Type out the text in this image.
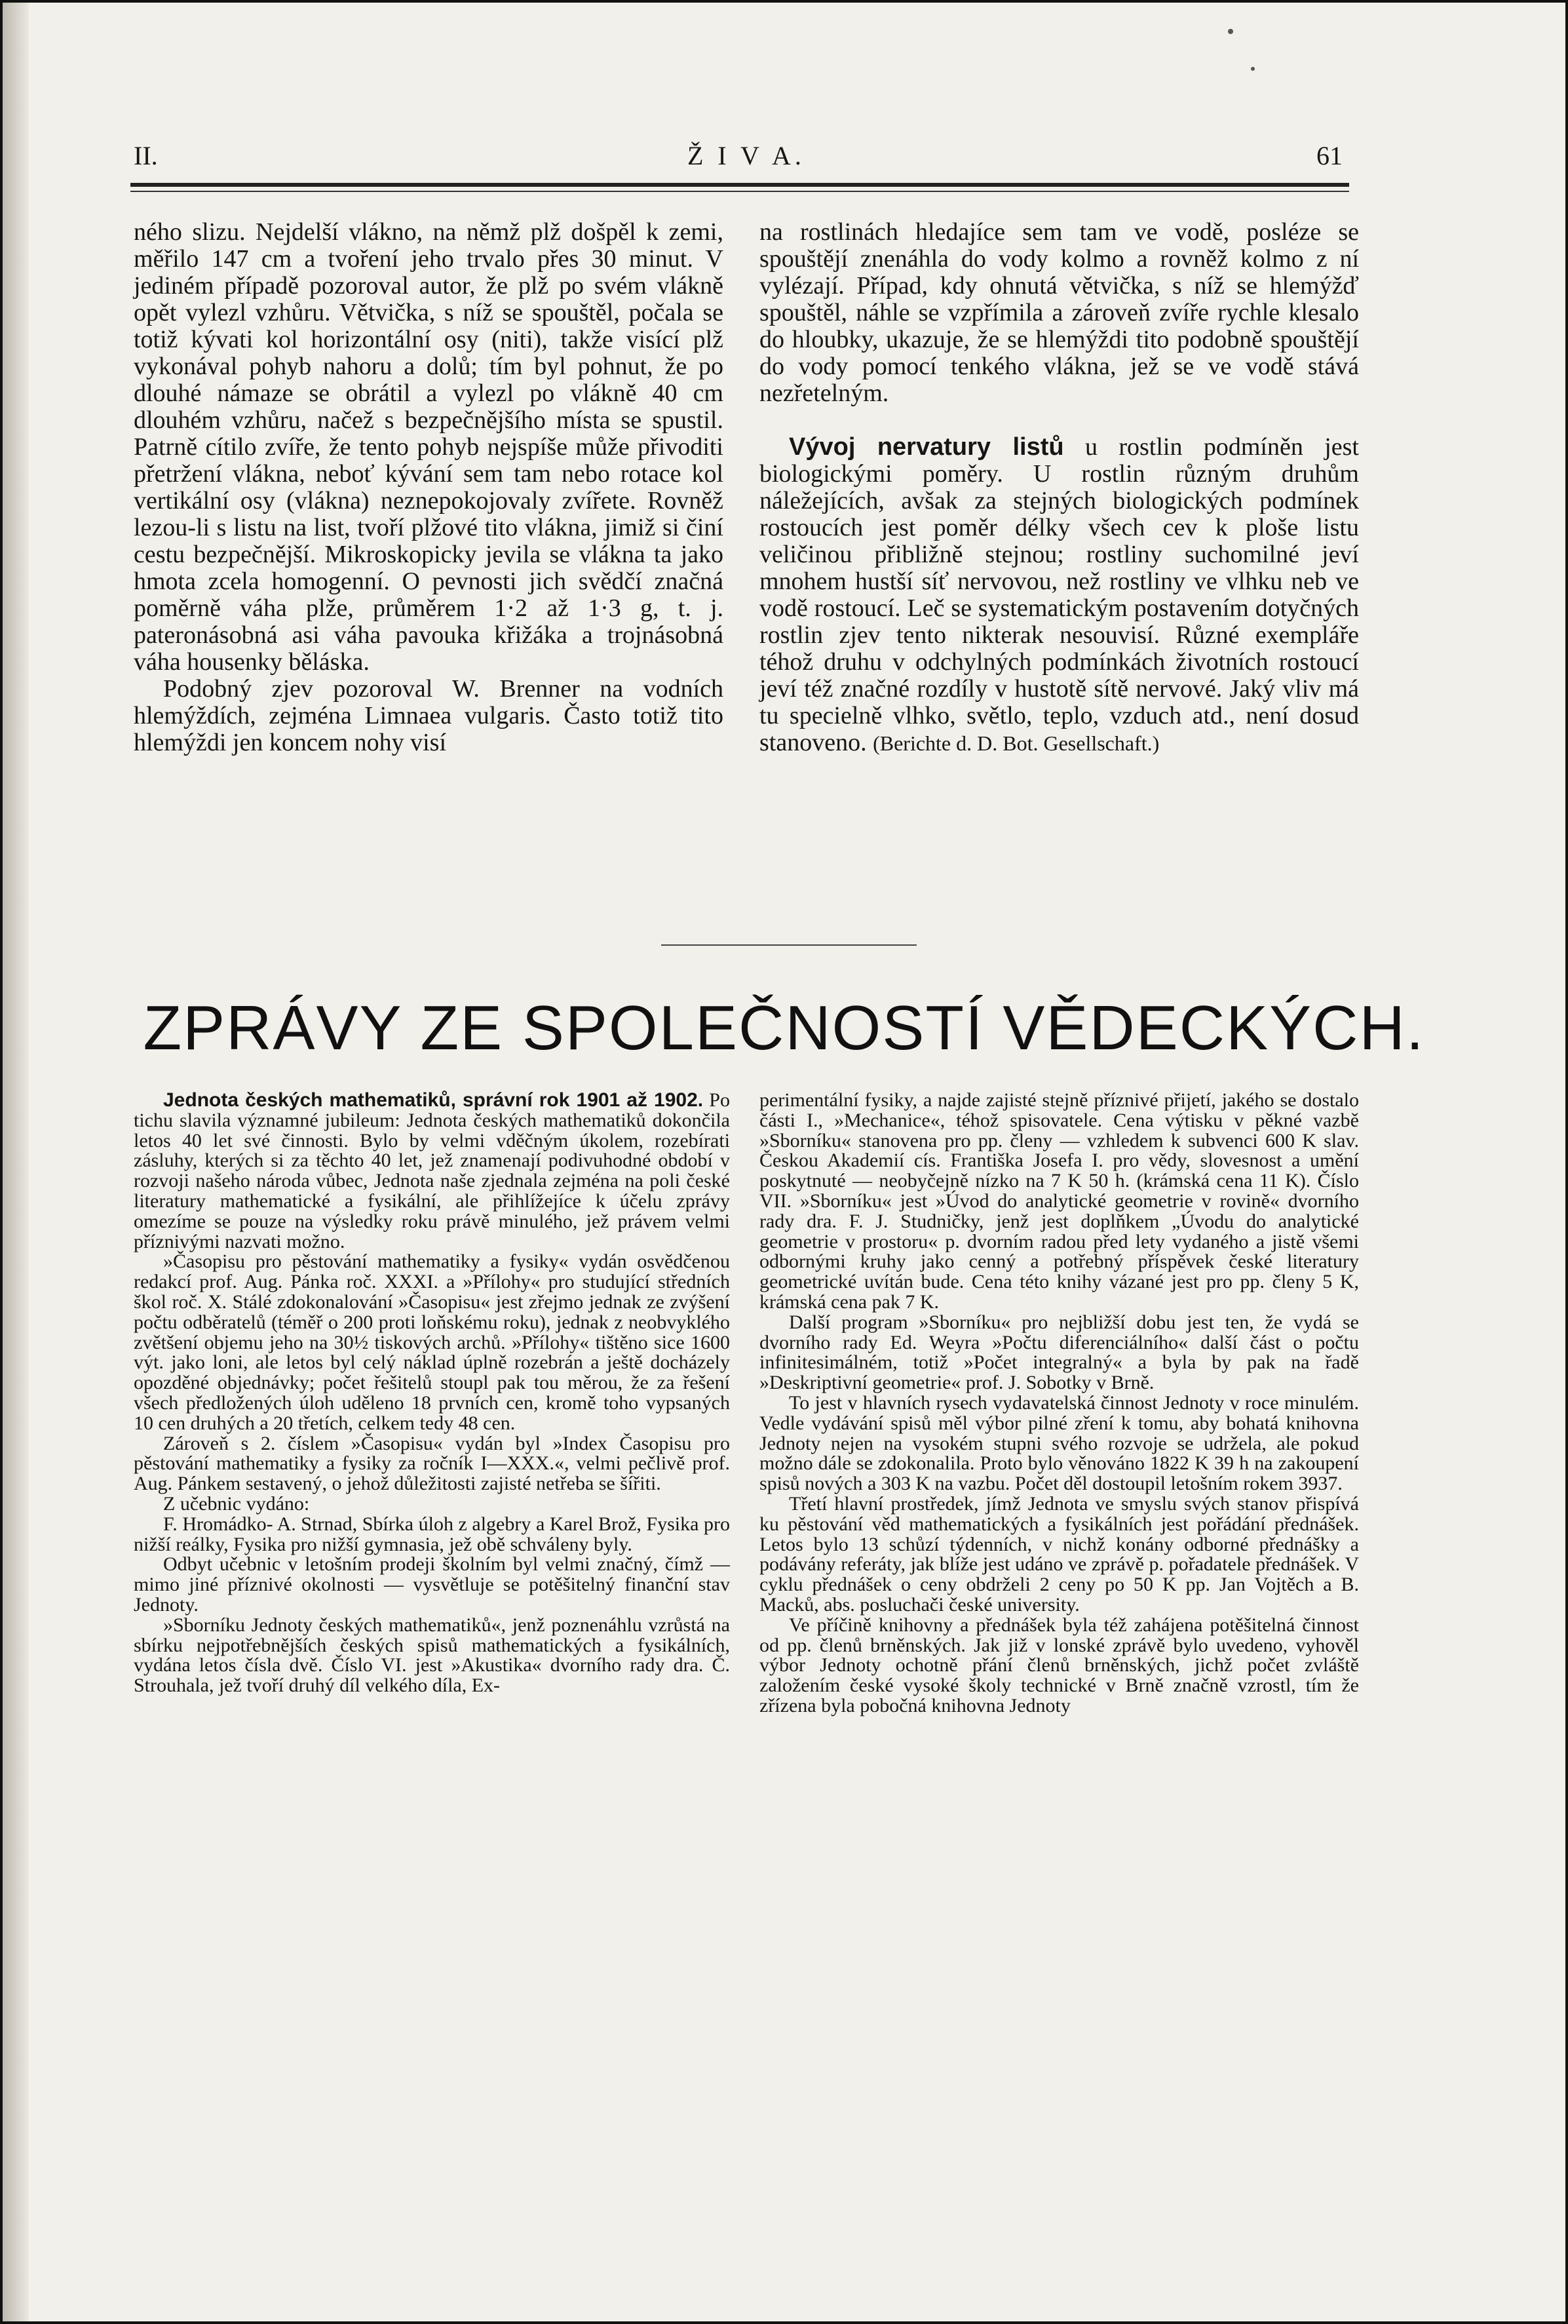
II.	Ž I V A.	61

ného slizu. Nejdelší vlákno, na němž plž došpěl k zemi, měřilo 147 cm a tvoření jeho trvalo přes 30 minut. V jediném případě pozoroval autor, že plž po svém vlákně opět vylezl vzhůru. Větvička, s níž se spouštěl, počala se totiž kývati kol horizontální osy (niti), takže visící plž vykonával pohyb nahoru a dolů; tím byl pohnut, že po dlouhé námaze se obrátil a vylezl po vlákně 40 cm dlouhém vzhůru, načež s bezpečnějšího místa se spustil. Patrně cítilo zvíře, že tento pohyb nejspíše může přivoditi přetržení vlákna, neboť kývání sem tam nebo rotace kol vertikální osy (vlákna) neznepokojovaly zvířete. Rovněž lezou-li s listu na list, tvoří plžové tito vlákna, jimiž si činí cestu bezpečnější. Mikroskopicky jevila se vlákna ta jako hmota zcela homogenní. O pevnosti jich svědčí značná poměrně váha plže, průměrem 1·2 až 1·3 g, t. j. pateronásobná asi váha pavouka křižáka a trojnásobná váha housenky běláska.

Podobný zjev pozoroval W. Brenner na vodních hlemýždích, zejména Limnaea vulgaris. Často totiž tito hlemýždi jen koncem nohy visí

na rostlinách hledajíce sem tam ve vodě, posléze se spouštějí znenáhla do vody kolmo a rovněž kolmo z ní vylézají. Případ, kdy ohnutá větvička, s níž se hlemýžď spouštěl, náhle se vzpřímila a zároveň zvíře rychle klesalo do hloubky, ukazuje, že se hlemýždi tito podobně spouštějí do vody pomocí tenkého vlákna, jež se ve vodě stává nezřetelným.

Vývoj nervatury listů u rostlin podmíněn jest biologickými poměry. U rostlin různým druhům náležejících, avšak za stejných biologických podmínek rostoucích jest poměr délky všech cev k ploše listu veličinou přibližně stejnou; rostliny suchomilné jeví mnohem hustší síť nervovou, než rostliny ve vlhku neb ve vodě rostoucí. Leč se systematickým postavením dotyčných rostlin zjev tento nikterak nesouvisí. Různé exempláře téhož druhu v odchylných podmínkách životních rostoucí jeví též značné rozdíly v hustotě sítě nervové. Jaký vliv má tu specielně vlhko, světlo, teplo, vzduch atd., není dosud stanoveno. (Berichte d. D. Bot. Gesellschaft.)

ZPRÁVY ZE SPOLEČNOSTÍ VĚDECKÝCH.

Jednota českých mathematiků, správní rok 1901 až 1902. Po tichu slavila významné jubileum: Jednota českých mathematiků dokončila letos 40 let své činnosti. Bylo by velmi vděčným úkolem, rozebírati zásluhy, kterých si za těchto 40 let, jež znamenají podivuhodné období v rozvoji našeho národa vůbec, Jednota naše zjednala zejména na poli české literatury mathematické a fysikální, ale přihlížejíce k účelu zprávy omezíme se pouze na výsledky roku právě minulého, jež právem velmi příznivými nazvati možno.

»Časopisu pro pěstování mathematiky a fysiky« vydán osvědčenou redakcí prof. Aug. Pánka roč. XXXI. a »Přílohy« pro studující středních škol roč. X. Stálé zdokonalování »Časopisu« jest zřejmo jednak ze zvýšení počtu odběratelů (téměř o 200 proti loňskému roku), jednak z neobvyklého zvětšení objemu jeho na 30½ tiskových archů. »Přílohy« tištěno sice 1600 výt. jako loni, ale letos byl celý náklad úplně rozebrán a ještě docházely opozděné objednávky; počet řešitelů stoupl pak tou měrou, že za řešení všech předložených úloh uděleno 18 prvních cen, kromě toho vypsaných 10 cen druhých a 20 třetích, celkem tedy 48 cen.

Zároveň s 2. číslem »Časopisu« vydán byl »Index Časopisu pro pěstování mathematiky a fysiky za ročník I—XXX.«, velmi pečlivě prof. Aug. Pánkem sestavený, o jehož důležitosti zajisté netřeba se šířiti.

Z učebnic vydáno:

F. Hromádko- A. Strnad, Sbírka úloh z algebry a Karel Brož, Fysika pro nižší reálky, Fysika pro nižší gymnasia, jež obě schváleny byly.

Odbyt učebnic v letošním prodeji školním byl velmi značný, čímž — mimo jiné příznivé okolnosti — vysvětluje se potěšitelný finanční stav Jednoty.

»Sborníku Jednoty českých mathematiků«, jenž poznenáhlu vzrůstá na sbírku nejpotřebnějších českých spisů mathematických a fysikálních, vydána letos čísla dvě. Číslo VI. jest »Akustika« dvorního rady dra. Č. Strouhala, jež tvoří druhý díl velkého díla, Ex-

perimentální fysiky, a najde zajisté stejně příznivé přijetí, jakého se dostalo části I., »Mechanice«, téhož spisovatele. Cena výtisku v pěkné vazbě »Sborníku« stanovena pro pp. členy — vzhledem k subvenci 600 K slav. Českou Akademií cís. Františka Josefa I. pro vědy, slovesnost a umění poskytnuté — neobyčejně nízko na 7 K 50 h. (krámská cena 11 K). Číslo VII. »Sborníku« jest »Úvod do analytické geometrie v rovině« dvorního rady dra. F. J. Studničky, jenž jest doplňkem „Úvodu do analytické geometrie v prostoru« p. dvorním radou před lety vydaného a jistě všemi odbornými kruhy jako cenný a potřebný příspěvek české literatury geometrické uvítán bude. Cena této knihy vázané jest pro pp. členy 5 K, krámská cena pak 7 K.

Další program »Sborníku« pro nejbližší dobu jest ten, že vydá se dvorního rady Ed. Weyra »Počtu diferenciálního« další část o počtu infinitesimálném, totiž »Počet integralný« a byla by pak na řadě »Deskriptivní geometrie« prof. J. Sobotky v Brně.

To jest v hlavních rysech vydavatelská činnost Jednoty v roce minulém. Vedle vydávání spisů měl výbor pilné zření k tomu, aby bohatá knihovna Jednoty nejen na vysokém stupni svého rozvoje se udržela, ale pokud možno dále se zdokonalila. Proto bylo věnováno 1822 K 39 h na zakoupení spisů nových a 303 K na vazbu. Počet děl dostoupil letošním rokem 3937.

Třetí hlavní prostředek, jímž Jednota ve smyslu svých stanov přispívá ku pěstování věd mathematických a fysikálních jest pořádání přednášek. Letos bylo 13 schůzí týdenních, v nichž konány odborné přednášky a podávány referáty, jak blíže jest udáno ve zprávě p. pořadatele přednášek. V cyklu přednášek o ceny obdrželi 2 ceny po 50 K pp. Jan Vojtěch a B. Macků, abs. posluchači české university.

Ve příčině knihovny a přednášek byla též zahájena potěšitelná činnost od pp. členů brněnských. Jak již v lonské zprávě bylo uvedeno, vyhověl výbor Jednoty ochotně přání členů brněnských, jichž počet zvláště založením české vysoké školy technické v Brně značně vzrostl, tím že zřízena byla pobočná knihovna Jednoty
